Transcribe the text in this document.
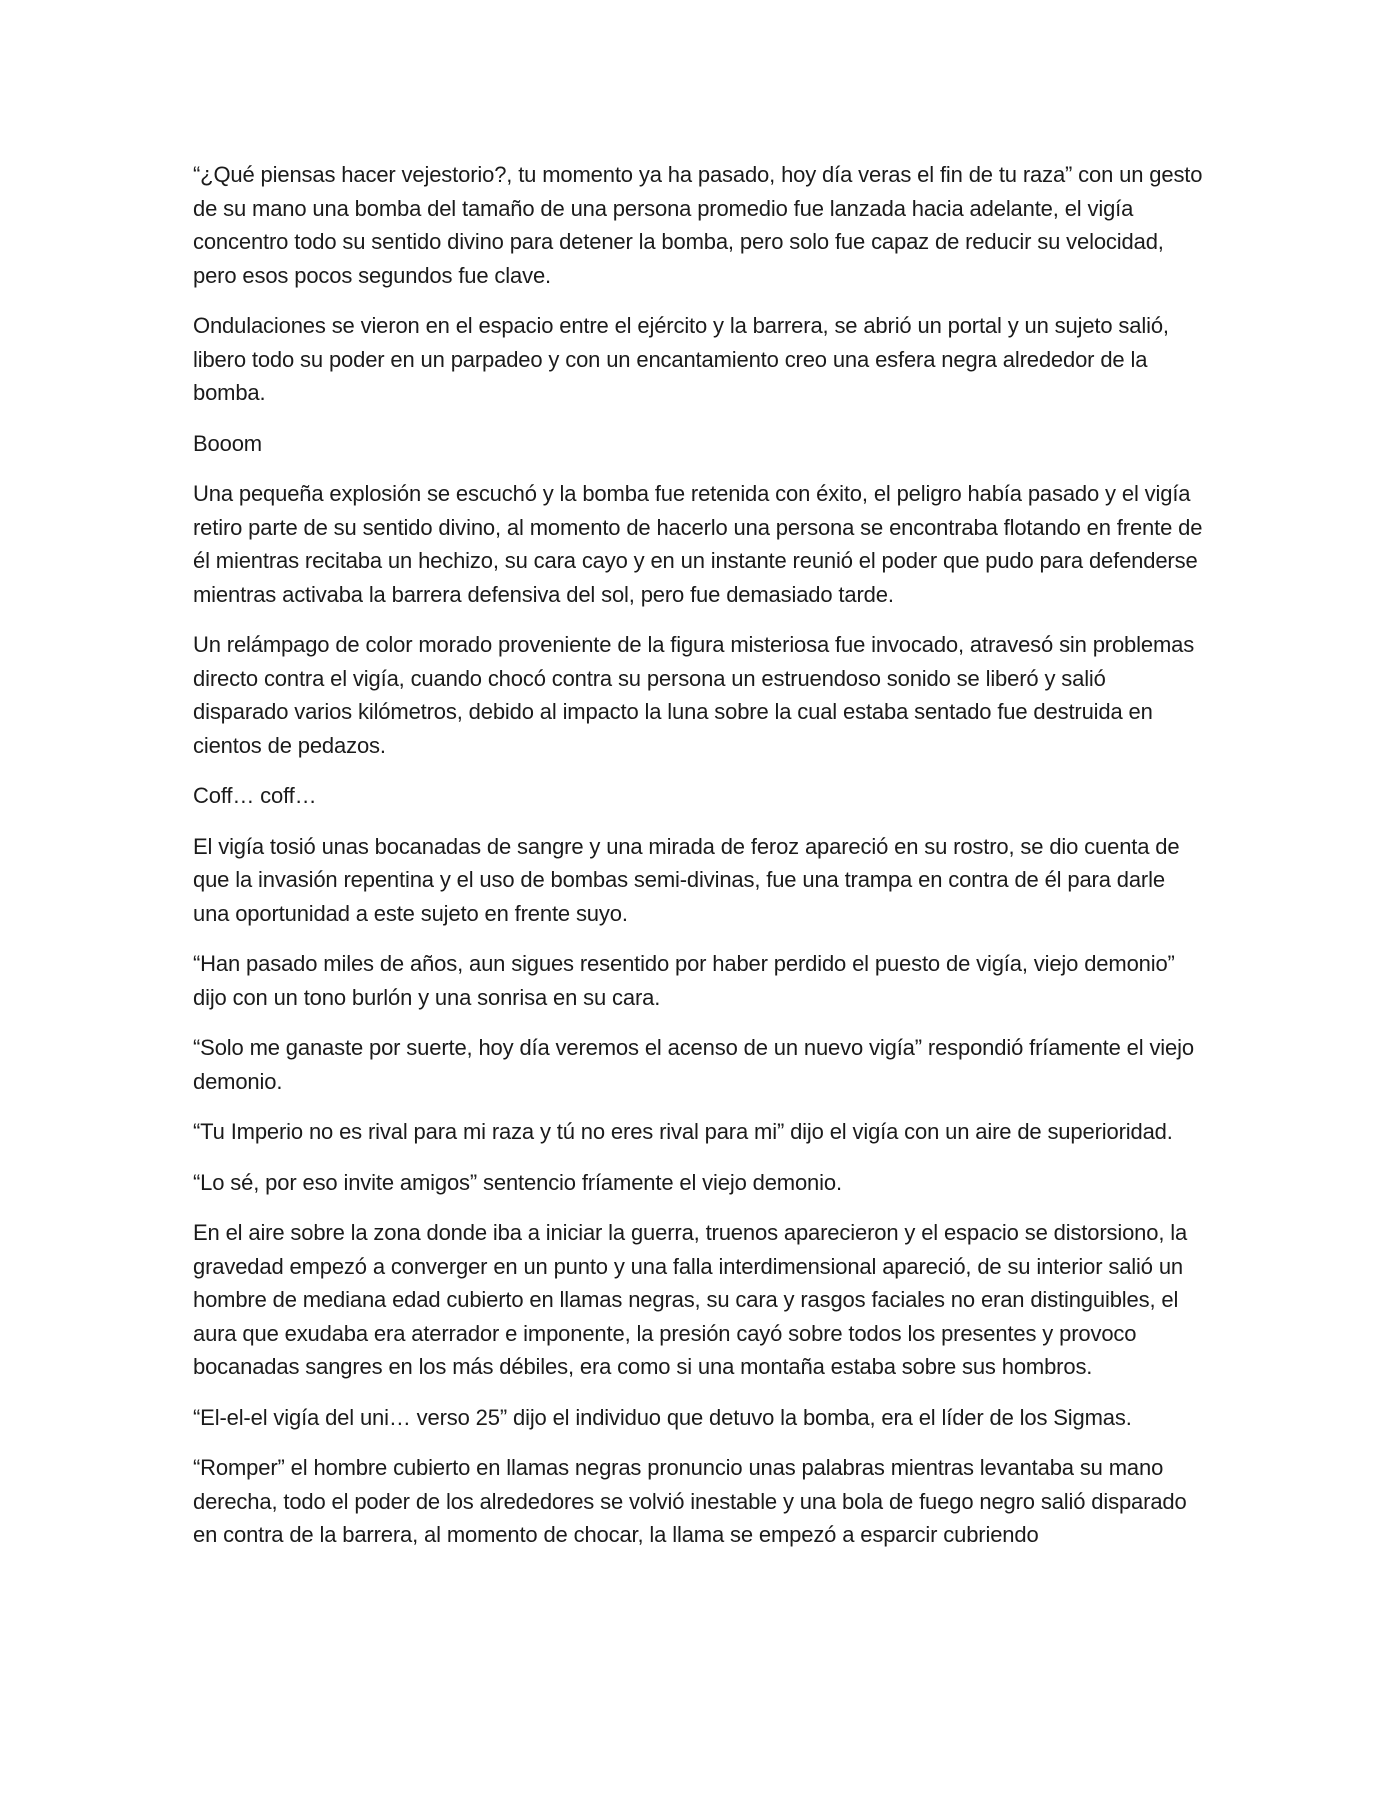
“¿Qué piensas hacer vejestorio?, tu momento ya ha pasado, hoy día veras el fin de tu raza” con un gesto de su mano una bomba del tamaño de una persona promedio fue lanzada hacia adelante, el vigía concentro todo su sentido divino para detener la bomba, pero solo fue capaz de reducir su velocidad, pero esos pocos segundos fue clave.

Ondulaciones se vieron en el espacio entre el ejército y la barrera, se abrió un portal y un sujeto salió, libero todo su poder en un parpadeo y con un encantamiento creo una esfera negra alrededor de la bomba.

Booom

Una pequeña explosión se escuchó y la bomba fue retenida con éxito, el peligro había pasado y el vigía retiro parte de su sentido divino, al momento de hacerlo una persona se encontraba flotando en frente de él mientras recitaba un hechizo, su cara cayo y en un instante reunió el poder que pudo para defenderse mientras activaba la barrera defensiva del sol, pero fue demasiado tarde.

Un relámpago de color morado proveniente de la figura misteriosa fue invocado, atravesó sin problemas directo contra el vigía, cuando chocó contra su persona un estruendoso sonido se liberó y salió disparado varios kilómetros, debido al impacto la luna sobre la cual estaba sentado fue destruida en cientos de pedazos.

Coff… coff…

El vigía tosió unas bocanadas de sangre y una mirada de feroz apareció en su rostro, se dio cuenta de que la invasión repentina y el uso de bombas semi-divinas, fue una trampa en contra de él para darle una oportunidad a este sujeto en frente suyo.

“Han pasado miles de años, aun sigues resentido por haber perdido el puesto de vigía, viejo demonio” dijo con un tono burlón y una sonrisa en su cara.

“Solo me ganaste por suerte, hoy día veremos el acenso de un nuevo vigía” respondió fríamente el viejo demonio.

“Tu Imperio no es rival para mi raza y tú no eres rival para mi” dijo el vigía con un aire de superioridad.

“Lo sé, por eso invite amigos” sentencio fríamente el viejo demonio.

En el aire sobre la zona donde iba a iniciar la guerra, truenos aparecieron y el espacio se distorsiono, la gravedad empezó a converger en un punto y una falla interdimensional apareció, de su interior salió un hombre de mediana edad cubierto en llamas negras, su cara y rasgos faciales no eran distinguibles, el aura que exudaba era aterrador e imponente, la presión cayó sobre todos los presentes y provoco bocanadas sangres en los más débiles, era como si una montaña estaba sobre sus hombros.

“El-el-el vigía del uni… verso 25” dijo el individuo que detuvo la bomba, era el líder de los Sigmas.

“Romper” el hombre cubierto en llamas negras pronuncio unas palabras mientras levantaba su mano derecha, todo el poder de los alrededores se volvió inestable y una bola de fuego negro salió disparado en contra de la barrera, al momento de chocar, la llama se empezó a esparcir cubriendo
